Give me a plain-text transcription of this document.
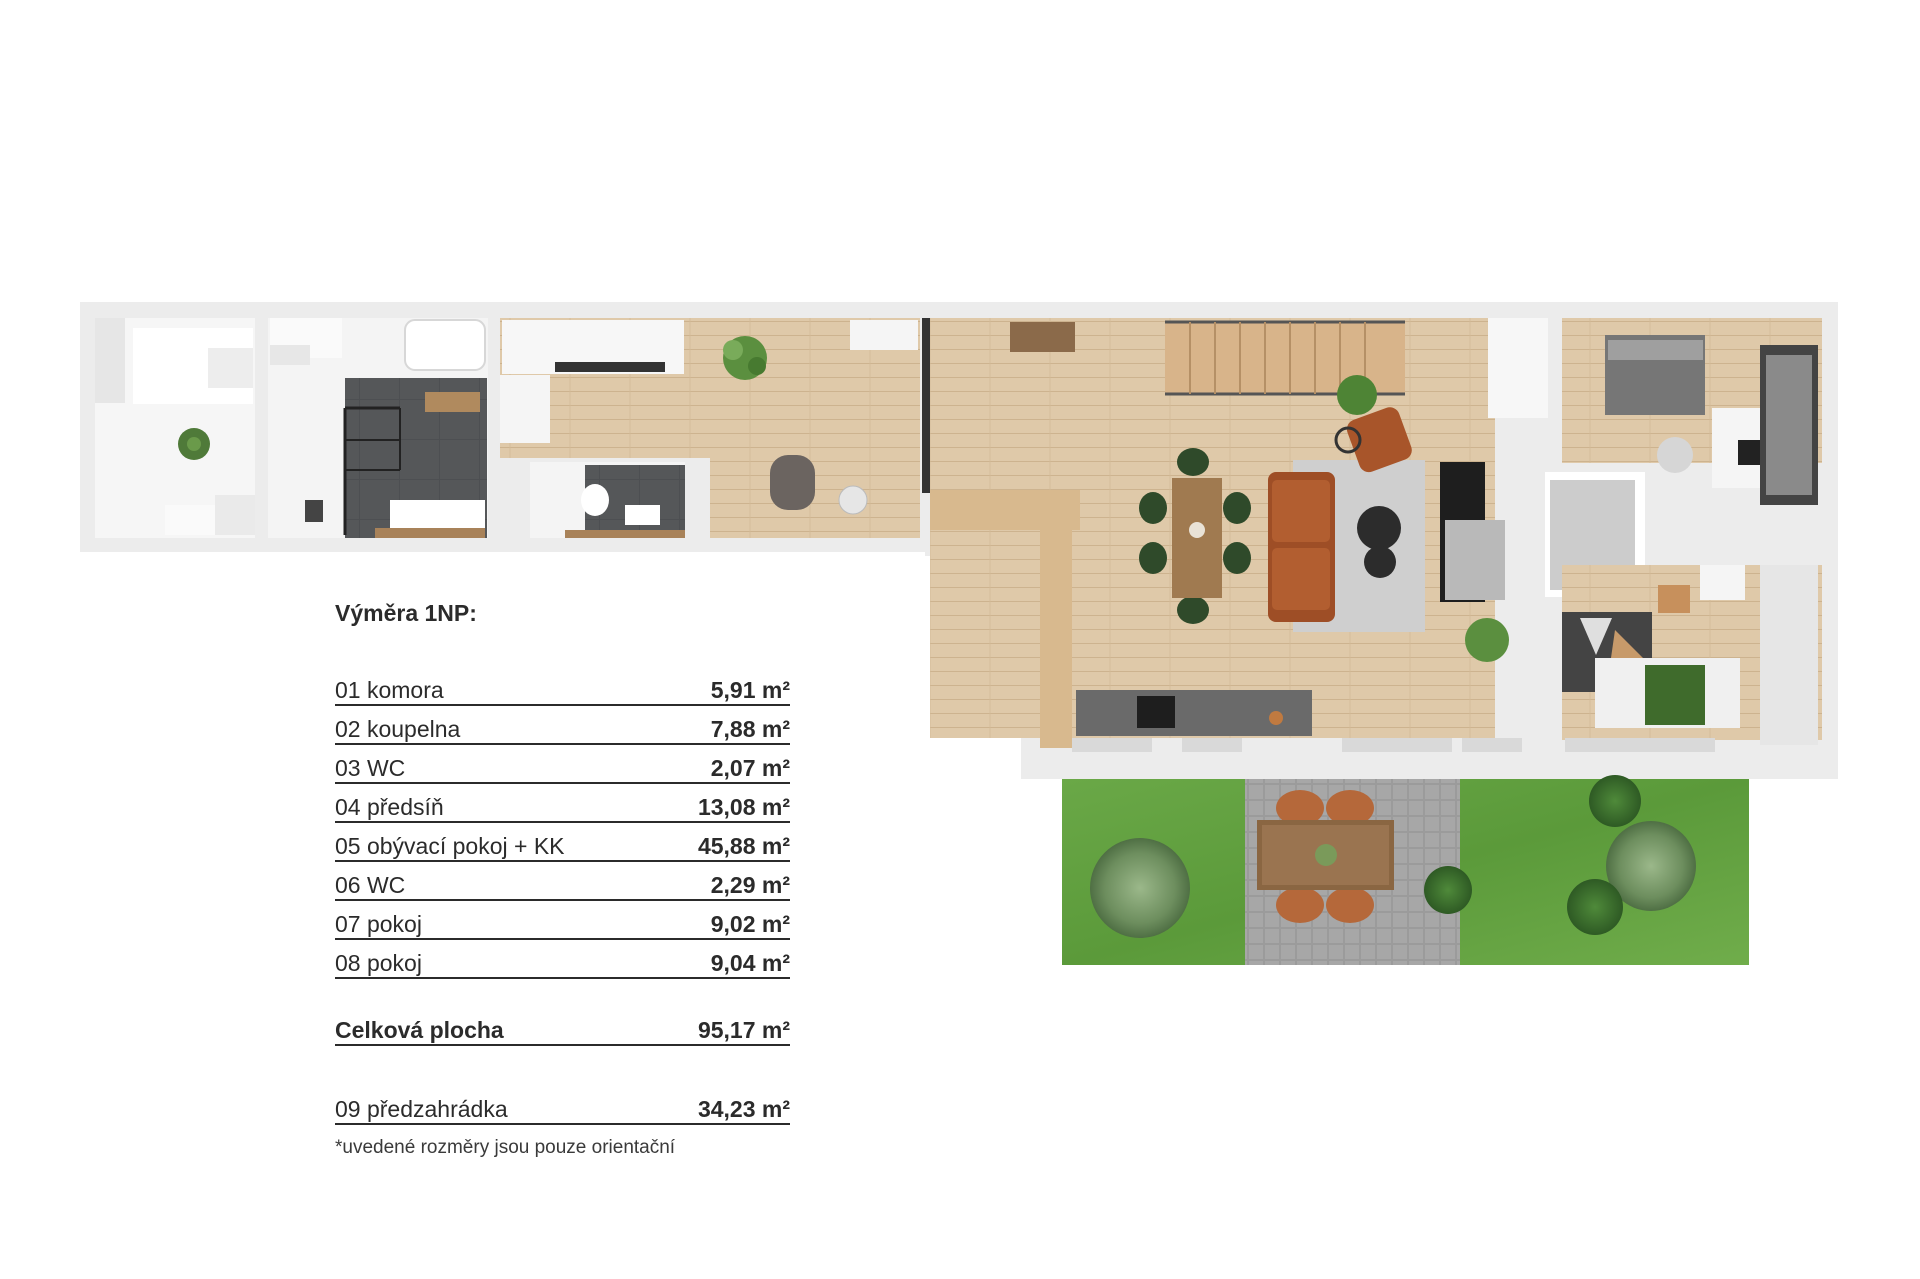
Výměra 1NP:
01 komora	5,91 m²
02 koupelna	7,88 m²
03 WC	2,07 m²
04 předsíň	13,08 m²
05 obývací pokoj + KK	45,88 m²
06 WC	2,29 m²
07 pokoj	9,02 m²
08 pokoj	9,04 m²
Celková plocha	95,17 m²
09 předzahrádka	34,23 m²
*uvedené rozměry jsou pouze orientační
